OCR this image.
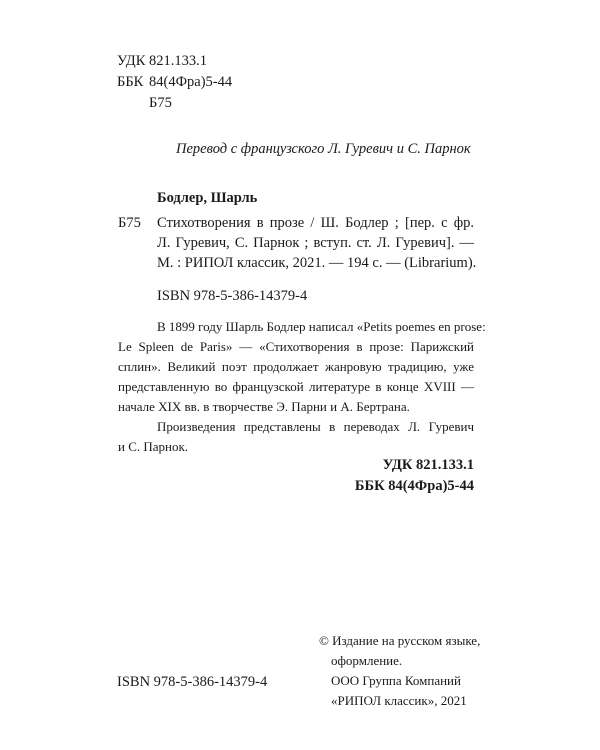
УДК 821.133.1
ББК 84(4Фра)5-44
Б75
Перевод с французского Л. Гуревич и С. Парнок
Бодлер, Шарль
Б75 Стихотворения в прозе / Ш. Бодлер ; [пер. с фр.
Л. Гуревич, С. Парнок ; вступ. ст. Л. Гуревич]. —
М. : РИПОЛ классик, 2021. — 194 с. — (Librarium).
ISBN 978-5-386-14379-4
В 1899 году Шарль Бодлер написал «Petits poemes en prose:
Le Spleen de Paris» — «Стихотворения в прозе: Парижский
сплин». Великий поэт продолжает жанровую традицию, уже
представленную во французской литературе в конце XVIII —
начале XIX вв. в творчестве Э. Парни и А. Бертрана.
Произведения представлены в переводах Л. Гуревич
и С. Парнок.
УДК 821.133.1
ББК 84(4Фра)5-44
© Издание на русском языке,
оформление.
ООО Группа Компаний
«РИПОЛ классик», 2021
ISBN 978-5-386-14379-4
